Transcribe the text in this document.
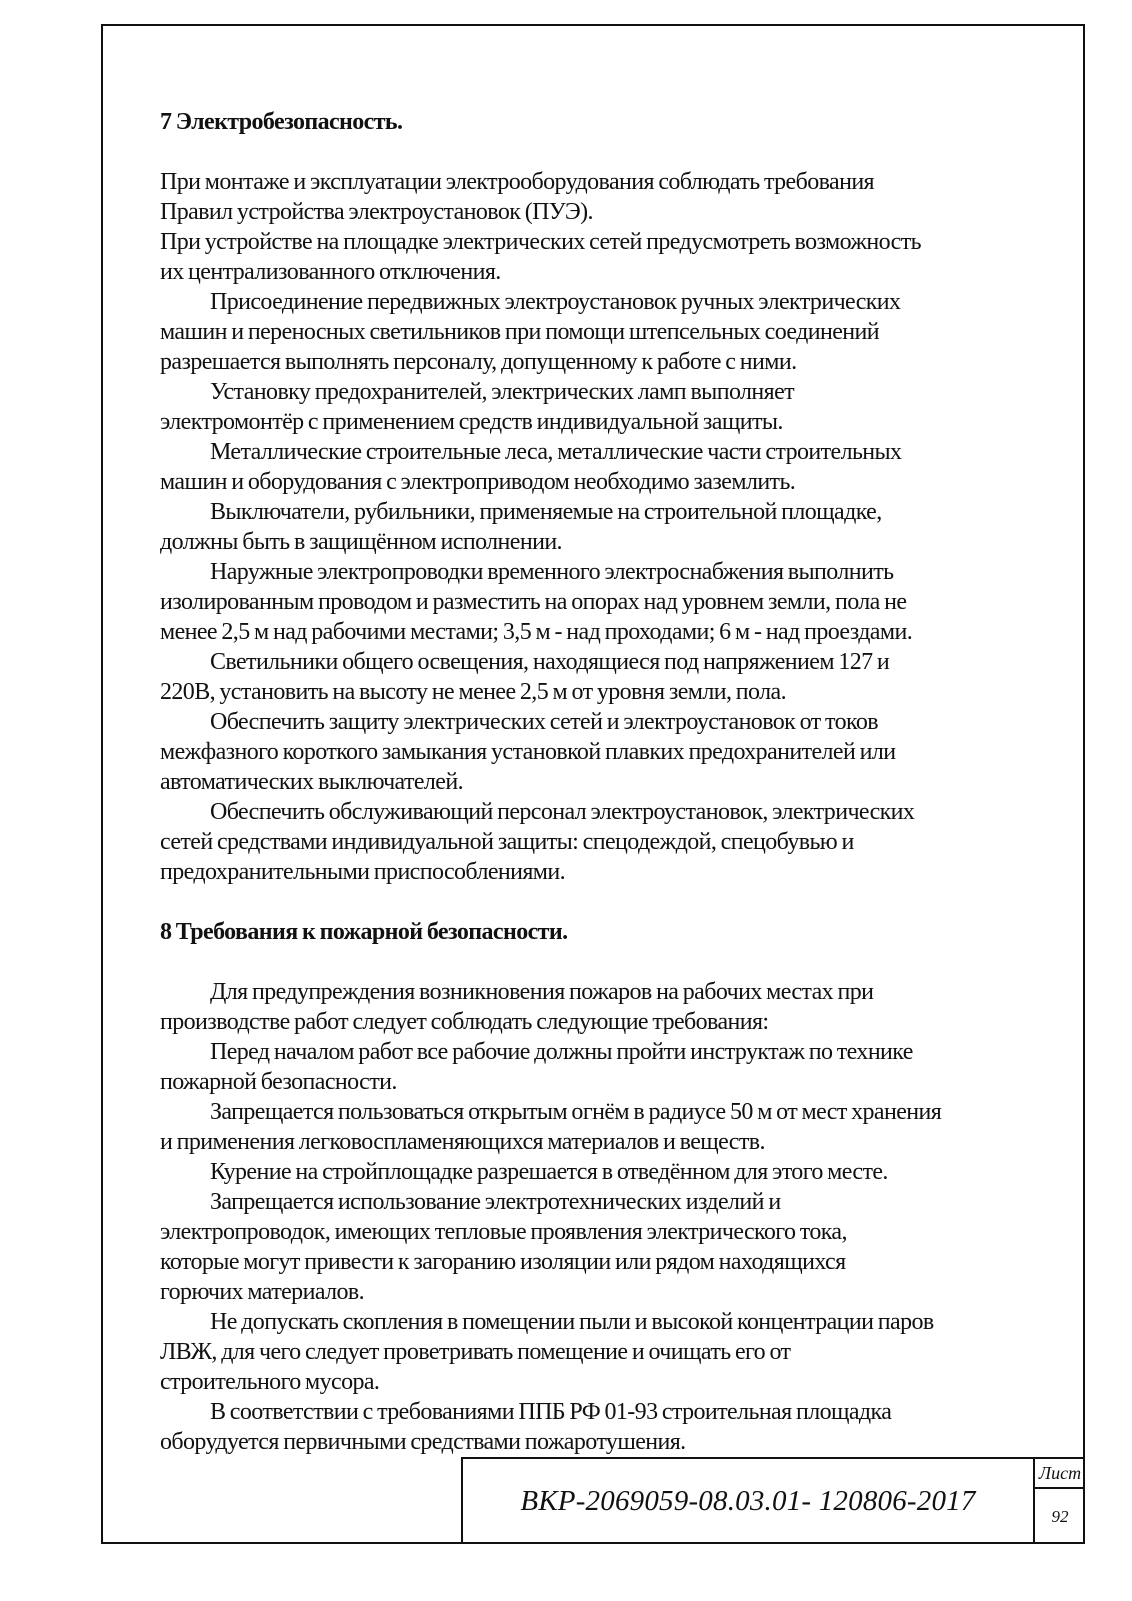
7 Электробезопасность.

При монтаже и эксплуатации электрооборудования соблюдать требования

Правил устройства электроустановок (ПУЭ).

При устройстве на площадке электрических сетей предусмотреть возможность

их централизованного отключения.

Присоединение передвижных электроустановок ручных электрических

машин и переносных светильников при помощи штепсельных соединений

разрешается выполнять персоналу, допущенному к работе с ними.

Установку предохранителей, электрических ламп выполняет

электромонтёр с применением средств индивидуальной защиты.

Металлические строительные леса, металлические части строительных

машин и оборудования с электроприводом необходимо заземлить.

Выключатели, рубильники, применяемые на строительной площадке,

должны быть в защищённом исполнении.

Наружные электропроводки временного электроснабжения выполнить

изолированным проводом и разместить на опорах над уровнем земли, пола не

менее 2,5 м над рабочими местами; 3,5 м - над проходами; 6 м - над проездами.

Светильники общего освещения, находящиеся под напряжением 127 и

220В, установить на высоту не менее 2,5 м от уровня земли, пола.

Обеспечить защиту электрических сетей и электроустановок от токов

межфазного короткого замыкания установкой плавких предохранителей или

автоматических выключателей.

Обеспечить обслуживающий персонал электроустановок, электрических

сетей средствами индивидуальной защиты: спецодеждой, спецобувью и

предохранительными приспособлениями.

8 Требования к пожарной безопасности.

Для предупреждения возникновения пожаров на рабочих местах при

производстве работ следует соблюдать следующие требования:

Перед началом работ все рабочие должны пройти инструктаж по технике

пожарной безопасности.

Запрещается пользоваться открытым огнём в радиусе 50 м от мест хранения

и применения легковоспламеняющихся материалов и веществ.

Курение на стройплощадке разрешается в отведённом для этого месте.

Запрещается использование электротехнических изделий и

электропроводок, имеющих тепловые проявления электрического тока,

которые могут привести к загоранию изоляции или рядом находящихся

горючих материалов.

Не допускать скопления в помещении пыли и высокой концентрации паров

ЛВЖ, для чего следует проветривать помещение и очищать его от

строительного мусора.

В соответствии с требованиями ППБ РФ 01-93 строительная площадка

оборудуется первичными средствами пожаротушения.

ВКР-2069059-08.03.01- 120806-2017
Лист
92
